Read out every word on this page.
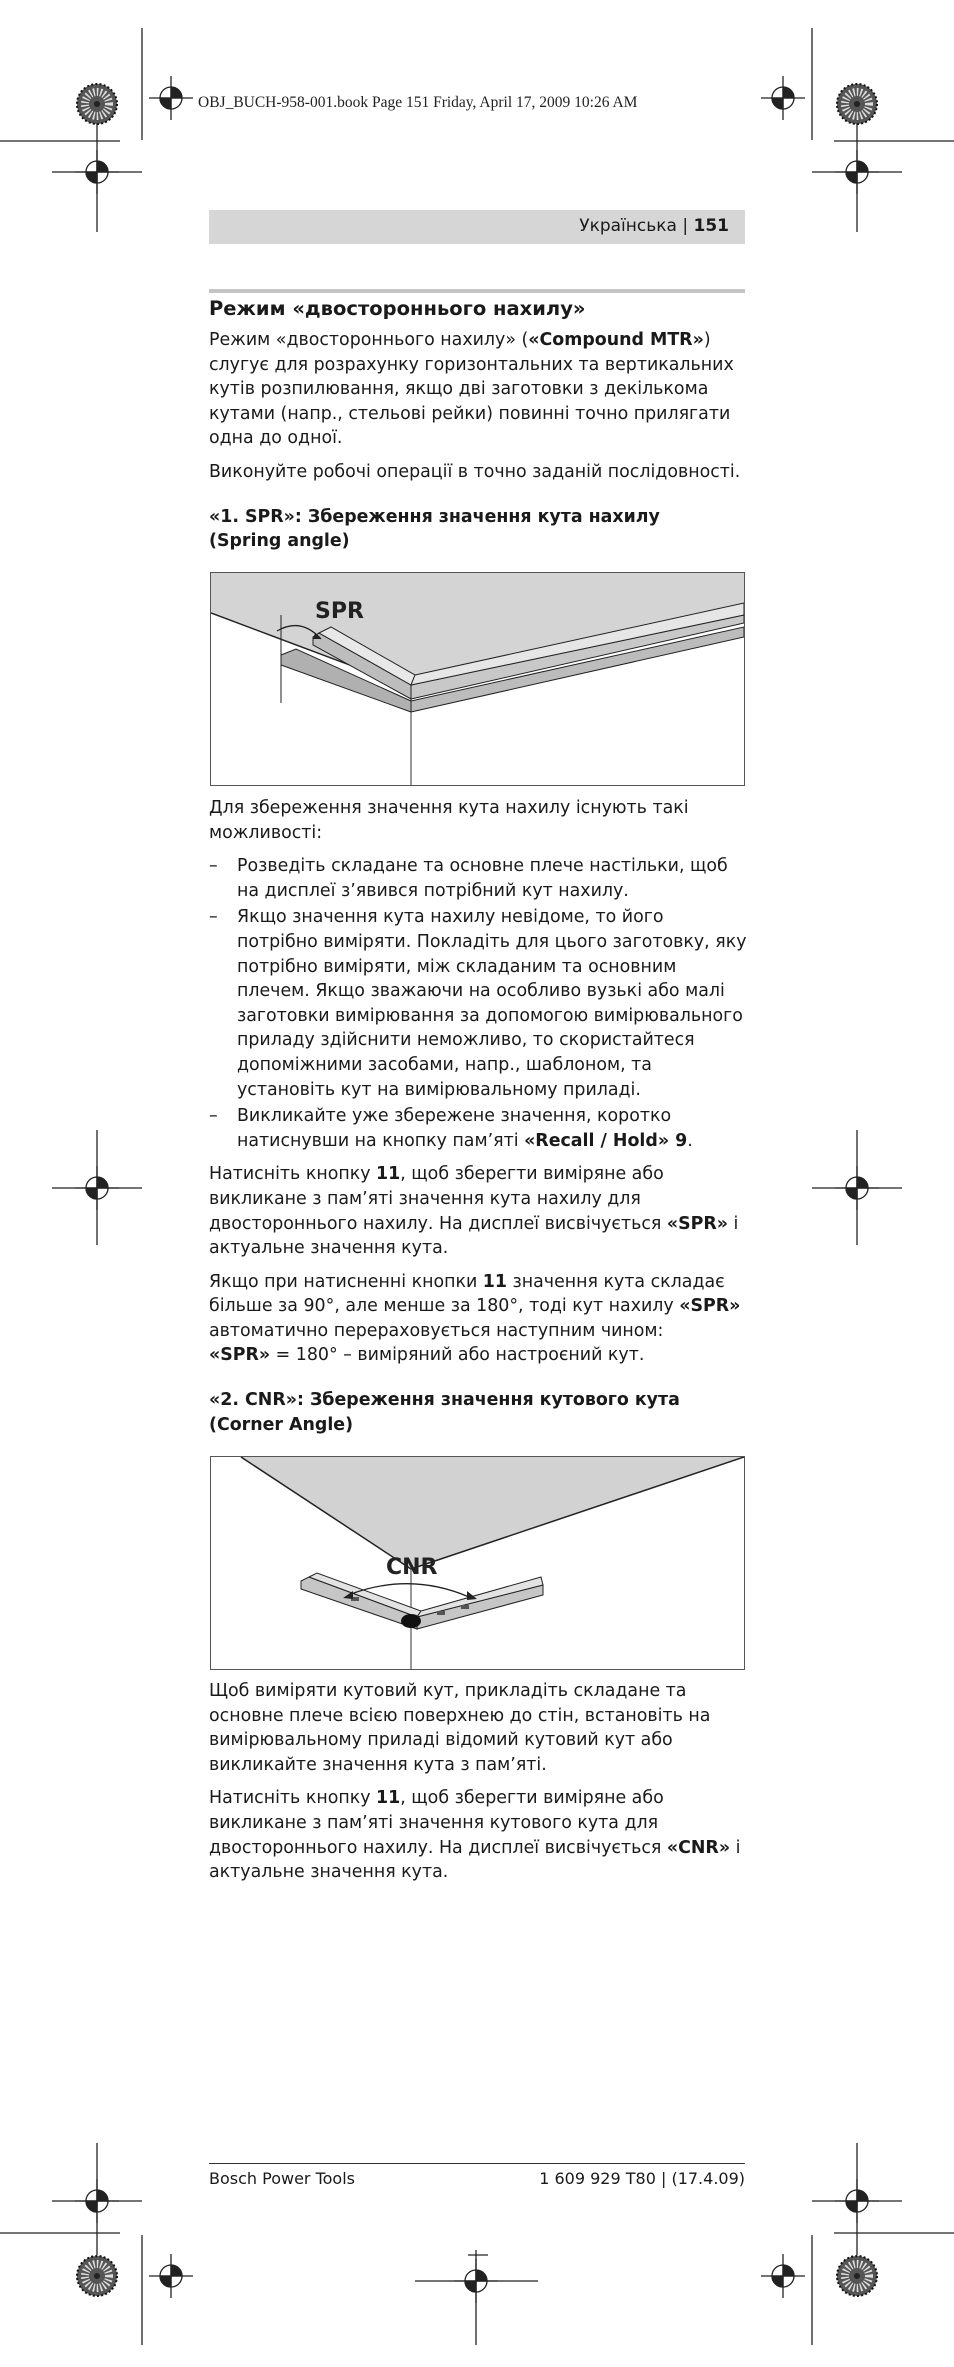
OBJ_BUCH-958-001.book Page 151 Friday, April 17, 2009 10:26 AM
Українська | 151
Режим «двостороннього нахилу»

Режим «двостороннього нахилу» («Compound MTR») слугує для розрахунку горизонтальних та вертикальних кутів розпилювання, якщо дві заготовки з декількома кутами (напр., стельові рейки) повинні точно прилягати одна до одної.

Виконуйте робочі операції в точно заданій послідовності.

«1. SPR»: Збереження значення кута нахилу
(Spring angle)
SPR

Для збереження значення кута нахилу існують такі можливості:

– Розведіть складане та основне плече настільки, щоб на дисплеї з’явився потрібний кут нахилу.
– Якщо значення кута нахилу невідоме, то його потрібно виміряти. Покладіть для цього заготовку, яку потрібно виміряти, між складаним та основним плечем. Якщо зважаючи на особливо вузькі або малі заготовки вимірювання за допомогою вимірювального приладу здійснити неможливо, то скористайтеся допоміжними засобами, напр., шаблоном, та установіть кут на вимірювальному приладі.
– Викликайте уже збережене значення, коротко натиснувши на кнопку пам’яті «Recall / Hold» 9.

Натисніть кнопку 11, щоб зберегти виміряне або викликане з пам’яті значення кута нахилу для двостороннього нахилу. На дисплеї висвічується «SPR» і актуальне значення кута.

Якщо при натисненні кнопки 11 значення кута складає більше за 90°, але менше за 180°, тоді кут нахилу «SPR» автоматично перераховується наступним чином:
«SPR» = 180° – виміряний або настроєний кут.

«2. CNR»: Збереження значення кутового кута
(Corner Angle)
CNR

Щоб виміряти кутовий кут, прикладіть складане та основне плече всією поверхнею до стін, встановіть на вимірювальному приладі відомий кутовий кут або викликайте значення кута з пам’яті.

Натисніть кнопку 11, щоб зберегти виміряне або викликане з пам’яті значення кутового кута для двостороннього нахилу. На дисплеї висвічується «CNR» і актуальне значення кута.

Bosch Power Tools	1 609 929 T80 | (17.4.09)
